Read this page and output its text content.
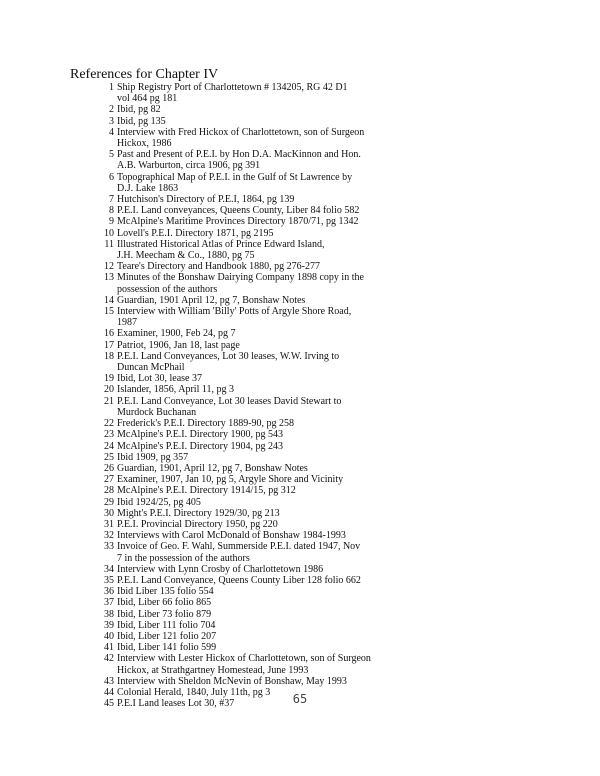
References for Chapter IV
1 Ship Registry Port of Charlottetown # 134205, RG 42 D1
vol 464 pg 181
2 Ibid, pg 82
3 Ibid, pg 135
4 Interview with Fred Hickox of Charlottetown, son of Surgeon
Hickox, 1986
5 Past and Present of P.E.I. by Hon D.A. MacKinnon and Hon.
A.B. Warburton, circa 1906, pg 391
6 Topographical Map of P.E.I. in the Gulf of St Lawrence by
D.J. Lake 1863
7 Hutchison's Directory of P.E.I, 1864, pg 139
8 P.E.I. Land conveyances, Queens County, Liber 84 folio 582
9 McAlpine's Maritime Provinces Directory 1870/71, pg 1342
10 Lovell's P.E.I. Directory 1871, pg 2195
11 Illustrated Historical Atlas of Prince Edward Island,
J.H. Meecham & Co., 1880, pg 75
12 Teare's Directory and Handbook 1880, pg 276-277
13 Minutes of the Bonshaw Dairying Company 1898 copy in the
possession of the authors
14 Guardian, 1901 April 12, pg 7, Bonshaw Notes
15 Interview with William 'Billy' Potts of Argyle Shore Road,
1987
16 Examiner, 1900, Feb 24, pg 7
17 Patriot, 1906, Jan 18, last page
18 P.E.I. Land Conveyances, Lot 30 leases, W.W. Irving to
Duncan McPhail
19 Ibid, Lot 30, lease 37
20 Islander, 1856, April 11, pg 3
21 P.E.I. Land Conveyance, Lot 30 leases David Stewart to
Murdock Buchanan
22 Frederick's P.E.I. Directory 1889-90, pg 258
23 McAlpine's P.E.I. Directory 1900, pg 543
24 McAlpine's P.E.I. Directory 1904, pg 243
25 Ibid 1909, pg 357
26 Guardian, 1901, April 12, pg 7, Bonshaw Notes
27 Examiner, 1907, Jan 10, pg 5, Argyle Shore and Vicinity
28 McAlpine's P.E.I. Directory 1914/15, pg 312
29 Ibid 1924/25, pg 405
30 Might's P.E.I. Directory 1929/30, pg 213
31 P.E.I. Provincial Directory 1950, pg 220
32 Interviews with Carol McDonald of Bonshaw 1984-1993
33 Invoice of Geo. F. Wahl, Summerside P.E.I. dated 1947, Nov
7 in the possession of the authors
34 Interview with Lynn Crosby of Charlottetown 1986
35 P.E.I. Land Conveyance, Queens County Liber 128 folio 662
36 Ibid Liber 135 folio 554
37 Ibid, Liber 66 folio 865
38 Ibid, Liber 73 folio 879
39 Ibid, Liber 111 folio 704
40 Ibid, Liber 121 folio 207
41 Ibid, Liber 141 folio 599
42 Interview with Lester Hickox of Charlottetown, son of Surgeon
Hickox, at Strathgartney Homestead, June 1993
43 Interview with Sheldon McNevin of Bonshaw, May 1993
44 Colonial Herald, 1840, July 11th, pg 3
45 P.E.I Land leases Lot 30, #37	65
